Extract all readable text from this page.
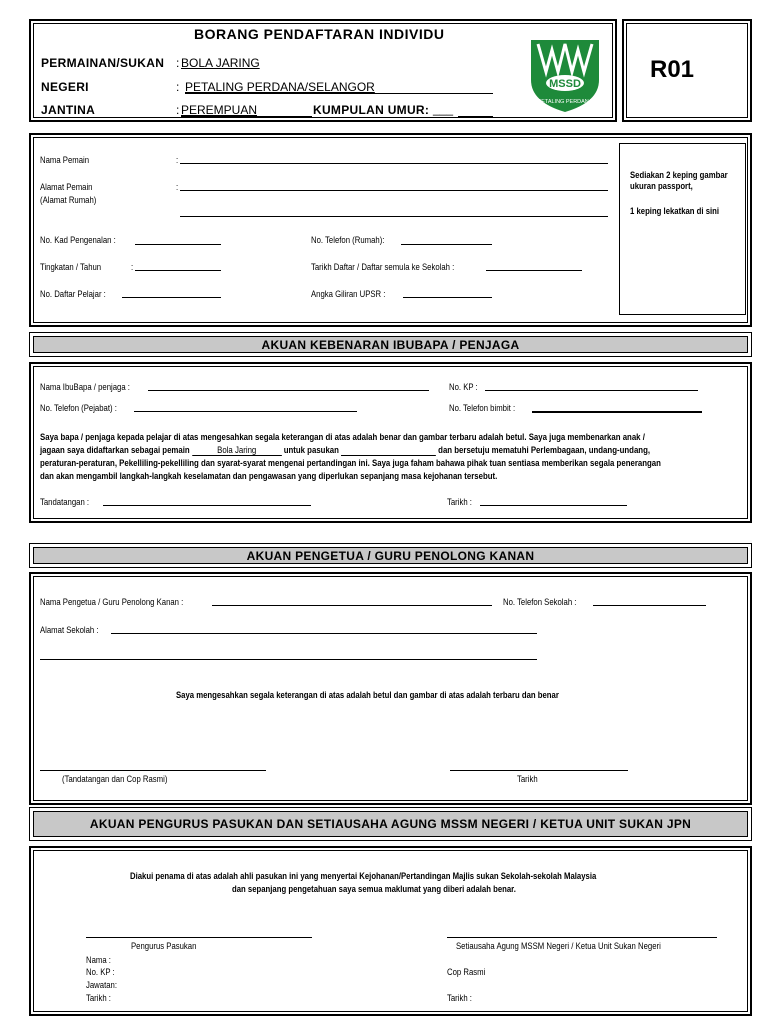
BORANG PENDAFTARAN INDIVIDU
PERMAINAN/SUKAN : BOLA JARING
NEGERI	: PETALING PERDANA/SELANGOR
JANTINA	: PEREMPUAN	KUMPULAN UMUR: ___
MSSD
PETALING PERDANA
R01
Nama Pemain	:
Alamat Pemain
(Alamat Rumah)
:
No. Kad Pengenalan :	No. Telefon (Rumah):
Tingkatan / Tahun	:	Tarikh Daftar / Daftar semula ke Sekolah :
No. Daftar Pelajar :	Angka Giliran UPSR :
Sediakan 2 keping gambar
ukuran passport,
1 keping lekatkan di sini
AKUAN KEBENARAN IBUBAPA / PENJAGA
Nama IbuBapa / penjaga :	No. KP :
No. Telefon (Pejabat) :	No. Telefon bimbit :
Saya bapa / penjaga kepada pelajar di atas mengesahkan segala keterangan di atas adalah benar dan gambar terbaru adalah betul. Saya juga membenarkan anak /
jagaan saya didaftarkan sebagai pemain	Bola Jaring	untuk pasukan	dan bersetuju mematuhi Perlembagaan, undang-undang,
peraturan-peraturan, Pekelliling-pekelliling dan syarat-syarat mengenai pertandingan ini. Saya juga faham bahawa pihak tuan sentiasa memberikan segala penerangan
dan akan mengambil langkah-langkah keselamatan dan pengawasan yang diperlukan sepanjang masa kejohanan tersebut.
Tandatangan :	Tarikh :
AKUAN PENGETUA / GURU PENOLONG KANAN
Nama Pengetua / Guru Penolong Kanan :	No. Telefon Sekolah :
Alamat Sekolah :
Saya mengesahkan segala keterangan di atas adalah betul dan gambar di atas adalah terbaru dan benar
(Tandatangan dan Cop Rasmi)	Tarikh
AKUAN PENGURUS PASUKAN DAN SETIAUSAHA AGUNG MSSM NEGERI / KETUA UNIT SUKAN JPN
Diakui penama di atas adalah ahli pasukan ini yang menyertai Kejohanan/Pertandingan Majlis sukan Sekolah-sekolah Malaysia
dan sepanjang pengetahuan saya semua maklumat yang diberi adalah benar.
Pengurus Pasukan	Setiausaha Agung MSSM Negeri / Ketua Unit Sukan Negeri
Nama :
No. KP :
Jawatan:
Tarikh :
Cop Rasmi
Tarikh :
